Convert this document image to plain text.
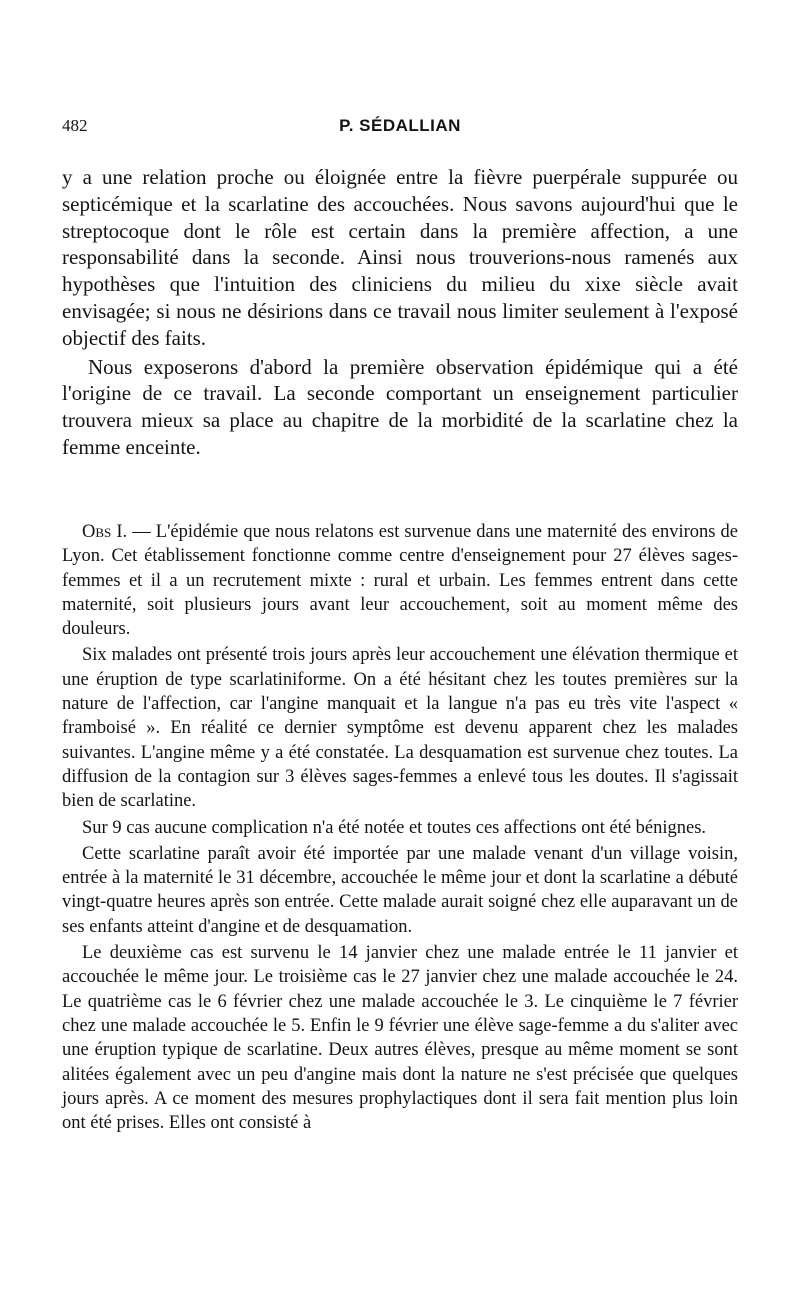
482	P. SÉDALLIAN

y a une relation proche ou éloignée entre la fièvre puerpérale suppurée ou septicémique et la scarlatine des accouchées. Nous savons aujourd'hui que le streptocoque dont le rôle est certain dans la première affection, a une responsabilité dans la seconde. Ainsi nous trouverions-nous ramenés aux hypothèses que l'intuition des cliniciens du milieu du xixe siècle avait envisagée; si nous ne désirions dans ce travail nous limiter seulement à l'exposé objectif des faits.

Nous exposerons d'abord la première observation épidémique qui a été l'origine de ce travail. La seconde comportant un enseignement particulier trouvera mieux sa place au chapitre de la morbidité de la scarlatine chez la femme enceinte.

Obs I. — L'épidémie que nous relatons est survenue dans une maternité des environs de Lyon. Cet établissement fonctionne comme centre d'enseignement pour 27 élèves sages-femmes et il a un recrutement mixte : rural et urbain. Les femmes entrent dans cette maternité, soit plusieurs jours avant leur accouchement, soit au moment même des douleurs.

Six malades ont présenté trois jours après leur accouchement une élévation thermique et une éruption de type scarlatiniforme. On a été hésitant chez les toutes premières sur la nature de l'affection, car l'angine manquait et la langue n'a pas eu très vite l'aspect « framboisé ». En réalité ce dernier symptôme est devenu apparent chez les malades suivantes. L'angine même y a été constatée. La desquamation est survenue chez toutes. La diffusion de la contagion sur 3 élèves sages-femmes a enlevé tous les doutes. Il s'agissait bien de scarlatine.

Sur 9 cas aucune complication n'a été notée et toutes ces affections ont été bénignes.

Cette scarlatine paraît avoir été importée par une malade venant d'un village voisin, entrée à la maternité le 31 décembre, accouchée le même jour et dont la scarlatine a débuté vingt-quatre heures après son entrée. Cette malade aurait soigné chez elle auparavant un de ses enfants atteint d'angine et de desquamation.

Le deuxième cas est survenu le 14 janvier chez une malade entrée le 11 janvier et accouchée le même jour. Le troisième cas le 27 janvier chez une malade accouchée le 24. Le quatrième cas le 6 février chez une malade accouchée le 3. Le cinquième le 7 février chez une malade accouchée le 5. Enfin le 9 février une élève sage-femme a du s'aliter avec une éruption typique de scarlatine. Deux autres élèves, presque au même moment se sont alitées également avec un peu d'angine mais dont la nature ne s'est précisée que quelques jours après. A ce moment des mesures prophylactiques dont il sera fait mention plus loin ont été prises. Elles ont consisté à
